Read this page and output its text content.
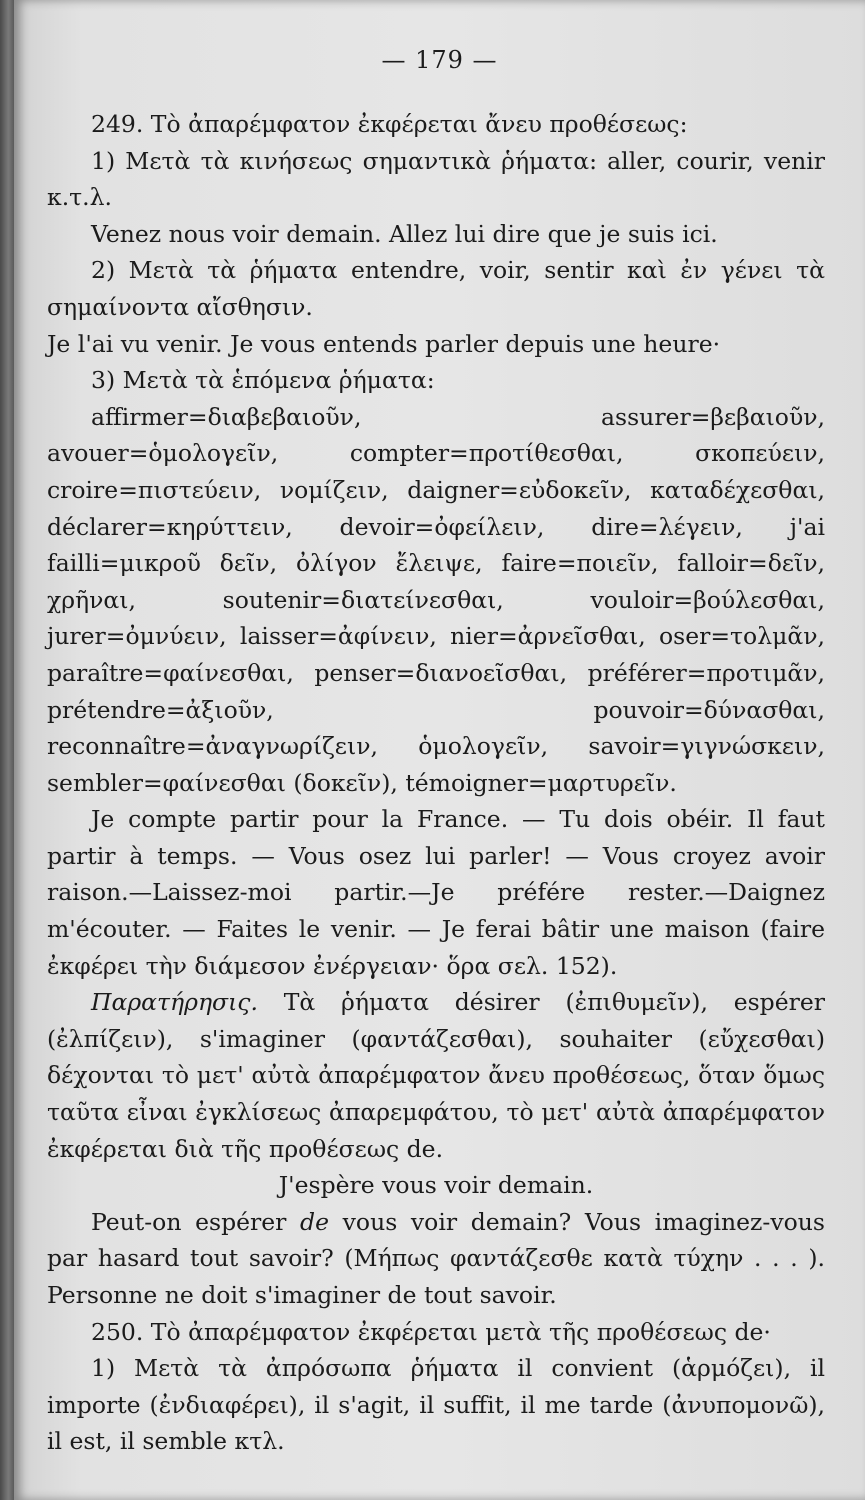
— 179 —

249. Τὸ ἀπαρέμφατον ἐκφέρεται ἄνευ προθέσεως:

1) Μετὰ τὰ κινήσεως σημαντικὰ ῥήματα: aller, courir, venir κ.τ.λ.

Venez nous voir demain. Allez lui dire que je suis ici.

2) Μετὰ τὰ ῥήματα entendre, voir, sentir καὶ ἐν γένει τὰ σημαίνοντα αἴσθησιν.

Je l'ai vu venir. Je vous entends parler depuis une heure·

3) Μετὰ τὰ ἑπόμενα ῥήματα:

affirmer=διαβεβαιοῦν, assurer=βεβαιοῦν, avouer=ὁμολογεῖν, compter=προτίθεσθαι, σκοπεύειν, croire=πιστεύειν, νομίζειν, daigner=εὐδοκεῖν, καταδέχεσθαι, déclarer=κηρύττειν, devoir=ὀφείλειν, dire=λέγειν, j'ai failli=μικροῦ δεῖν, ὀλίγον ἔλειψε, faire=ποιεῖν, falloir=δεῖν, χρῆναι, soutenir=διατείνεσθαι, vouloir=βούλεσθαι, jurer=ὀμνύειν, laisser=ἀφίνειν, nier=ἀρνεῖσθαι, oser=τολμᾶν, paraître=φαίνεσθαι, penser=διανοεῖσθαι, préférer=προτιμᾶν, prétendre=ἀξιοῦν, pouvoir=δύνασθαι, reconnaître=ἀναγνωρίζειν, ὁμολογεῖν, savoir=γιγνώσκειν, sembler=φαίνεσθαι (δοκεῖν), témoigner=μαρτυρεῖν.

Je compte partir pour la France. — Tu dois obéir. Il faut partir à temps. — Vous osez lui parler! — Vous croyez avoir raison.—Laissez-moi partir.—Je préfére rester.—Daignez m'écouter. — Faites le venir. — Je ferai bâtir une maison (faire ἐκφέρει τὴν διάμεσον ἐνέργειαν· ὅρα σελ. 152).

Παρατήρησις. Τὰ ῥήματα désirer (ἐπιθυμεῖν), espérer (ἐλπίζειν), s'imaginer (φαντάζεσθαι), souhaiter (εὔχεσθαι) δέχονται τὸ μετ' αὐτὰ ἀπαρέμφατον ἄνευ προθέσεως, ὅταν ὅμως ταῦτα εἶναι ἐγκλίσεως ἀπαρεμφάτου, τὸ μετ' αὐτὰ ἀπαρέμφατον ἐκφέρεται διὰ τῆς προθέσεως de.

J'espère vous voir demain.

Peut-on espérer de vous voir demain? Vous imaginez-vous par hasard tout savoir? (Μήπως φαντάζεσθε κατὰ τύχην . . . ). Personne ne doit s'imaginer de tout savoir.

250. Τὸ ἀπαρέμφατον ἐκφέρεται μετὰ τῆς προθέσεως de·

1) Μετὰ τὰ ἀπρόσωπα ῥήματα il convient (ἁρμόζει), il importe (ἐνδιαφέρει), il s'agit, il suffit, il me tarde (ἀνυπομονῶ), il est, il semble κτλ.
